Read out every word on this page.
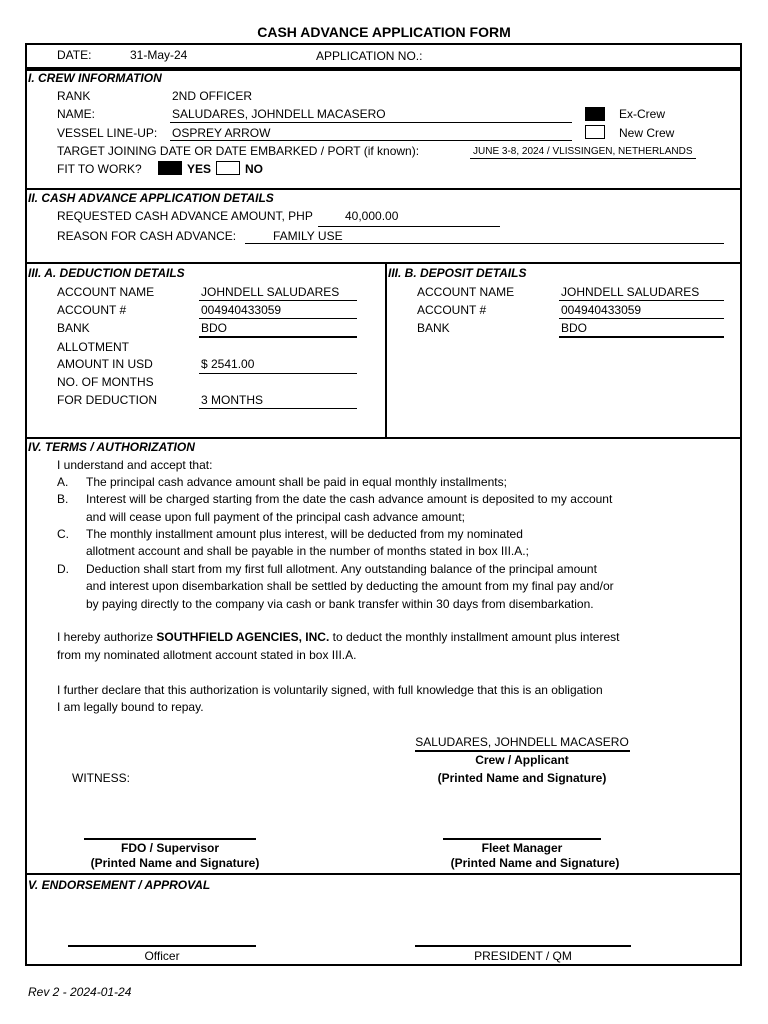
CASH ADVANCE APPLICATION FORM
DATE:	31-May-24	APPLICATION NO.:
I. CREW INFORMATION
RANK	2ND OFFICER
NAME:	SALUDARES, JOHNDELL MACASERO
VESSEL LINE-UP: OSPREY ARROW
Ex-Crew
New Crew
TARGET JOINING DATE OR DATE EMBARKED / PORT (if known):	JUNE 3-8, 2024 / VLISSINGEN, NETHERLANDS
FIT TO WORK?	YES	NO
II. CASH ADVANCE APPLICATION DETAILS
REQUESTED CASH ADVANCE AMOUNT, PHP	40,000.00
REASON FOR CASH ADVANCE:	FAMILY USE
III. A. DEDUCTION DETAILS
ACCOUNT NAME	JOHNDELL SALUDARES
ACCOUNT #	004940433059
BANK	BDO
ALLOTMENT
AMOUNT IN USD	$ 2541.00
NO. OF MONTHS
FOR DEDUCTION	3 MONTHS
III. B. DEPOSIT DETAILS
ACCOUNT NAME	JOHNDELL SALUDARES
ACCOUNT #	004940433059
BANK	BDO
IV. TERMS / AUTHORIZATION
I understand and accept that:
A. The principal cash advance amount shall be paid in equal monthly installments;
B. Interest will be charged starting from the date the cash advance amount is deposited to my account
and will cease upon full payment of the principal cash advance amount;
C. The monthly installment amount plus interest, will be deducted from my nominated
allotment account and shall be payable in the number of months stated in box III.A.;
D. Deduction shall start from my first full allotment. Any outstanding balance of the principal amount
and interest upon disembarkation shall be settled by deducting the amount from my final pay and/or
by paying directly to the company via cash or bank transfer within 30 days from disembarkation.
I hereby authorize SOUTHFIELD AGENCIES, INC. to deduct the monthly installment amount plus interest
from my nominated allotment account stated in box III.A.
I further declare that this authorization is voluntarily signed, with full knowledge that this is an obligation
I am legally bound to repay.
SALUDARES, JOHNDELL MACASERO
Crew / Applicant
(Printed Name and Signature)
WITNESS:
FDO / Supervisor
(Printed Name and Signature)
Fleet Manager
(Printed Name and Signature)
V. ENDORSEMENT / APPROVAL
Officer	PRESIDENT / QM
Rev 2 - 2024-01-24
